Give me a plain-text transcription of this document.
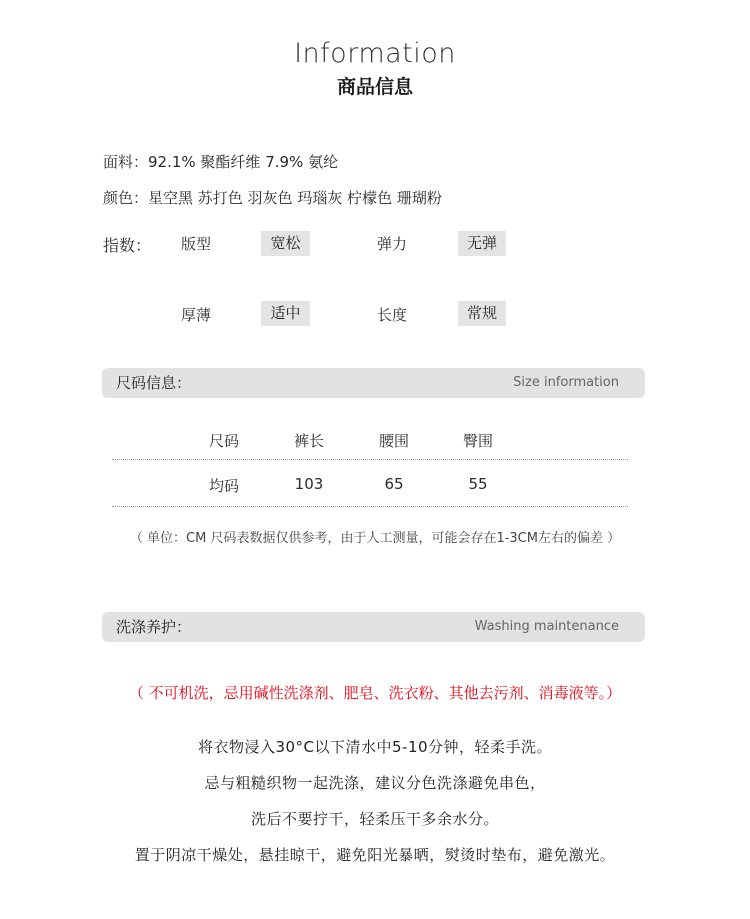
Information
商品信息
面料：92.1% 聚酯纤维 7.9% 氨纶
颜色：星空黑 苏打色 羽灰色 玛瑙灰 柠檬色 珊瑚粉
指数： 版型	宽松	弹力	无弹
厚薄	适中	长度	常规
尺码信息：	Size information
尺码	裤长	腰围	臀围
均码	103	65	55
（ 单位：CM 尺码表数据仅供参考，由于人工测量，可能会存在1-3CM左右的偏差 ）
洗涤养护：	Washing maintenance
（ 不可机洗，忌用碱性洗涤剂、肥皂、洗衣粉、其他去污剂、消毒液等。）
将衣物浸入30°C以下清水中5-10分钟，轻柔手洗。
忌与粗糙织物一起洗涤，建议分色洗涤避免串色，
洗后不要拧干，轻柔压干多余水分。
置于阴凉干燥处，悬挂晾干，避免阳光暴晒，熨烫时垫布，避免激光。
